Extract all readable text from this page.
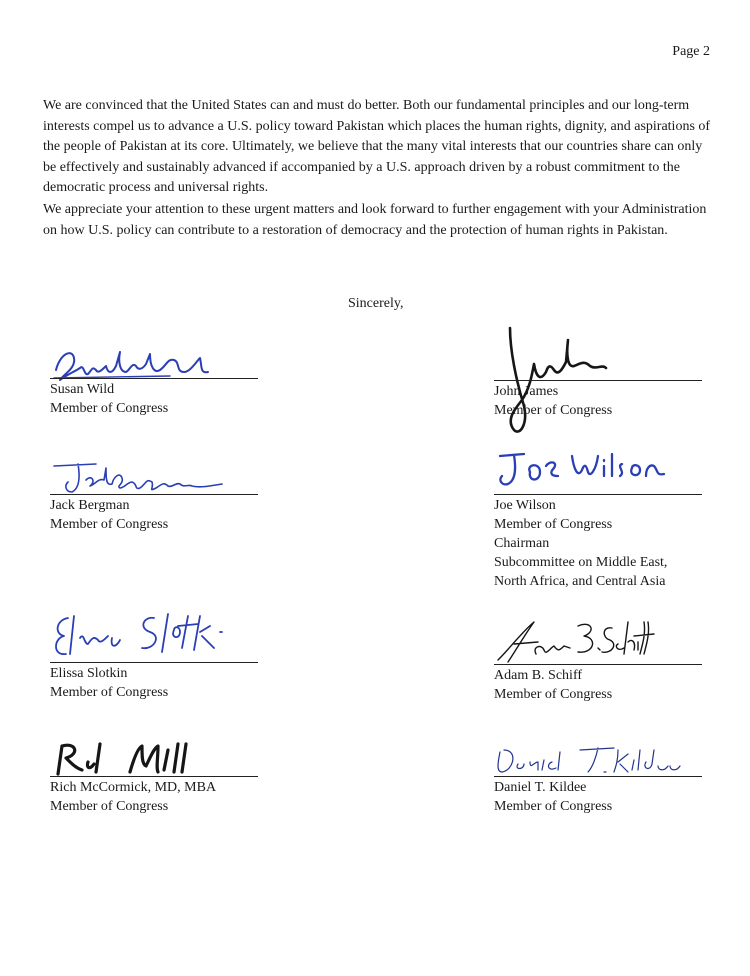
Page 2

We are convinced that the United States can and must do better. Both our fundamental principles and our long-term interests compel us to advance a U.S. policy toward Pakistan which places the human rights, dignity, and aspirations of the people of Pakistan at its core. Ultimately, we believe that the many vital interests that our countries share can only be effectively and sustainably advanced if accompanied by a U.S. approach driven by a robust commitment to the democratic process and universal rights.

We appreciate your attention to these urgent matters and look forward to further engagement with your Administration on how U.S. policy can contribute to a restoration of democracy and the protection of human rights in Pakistan.

Sincerely,
Susan Wild
Member of Congress
John James
Member of Congress
Jack Bergman
Member of Congress
Joe Wilson
Member of Congress
Chairman
Subcommittee on Middle East,
North Africa, and Central Asia
Elissa Slotkin
Member of Congress
Adam B. Schiff
Member of Congress
Rich McCormick, MD, MBA
Member of Congress
Daniel T. Kildee
Member of Congress
